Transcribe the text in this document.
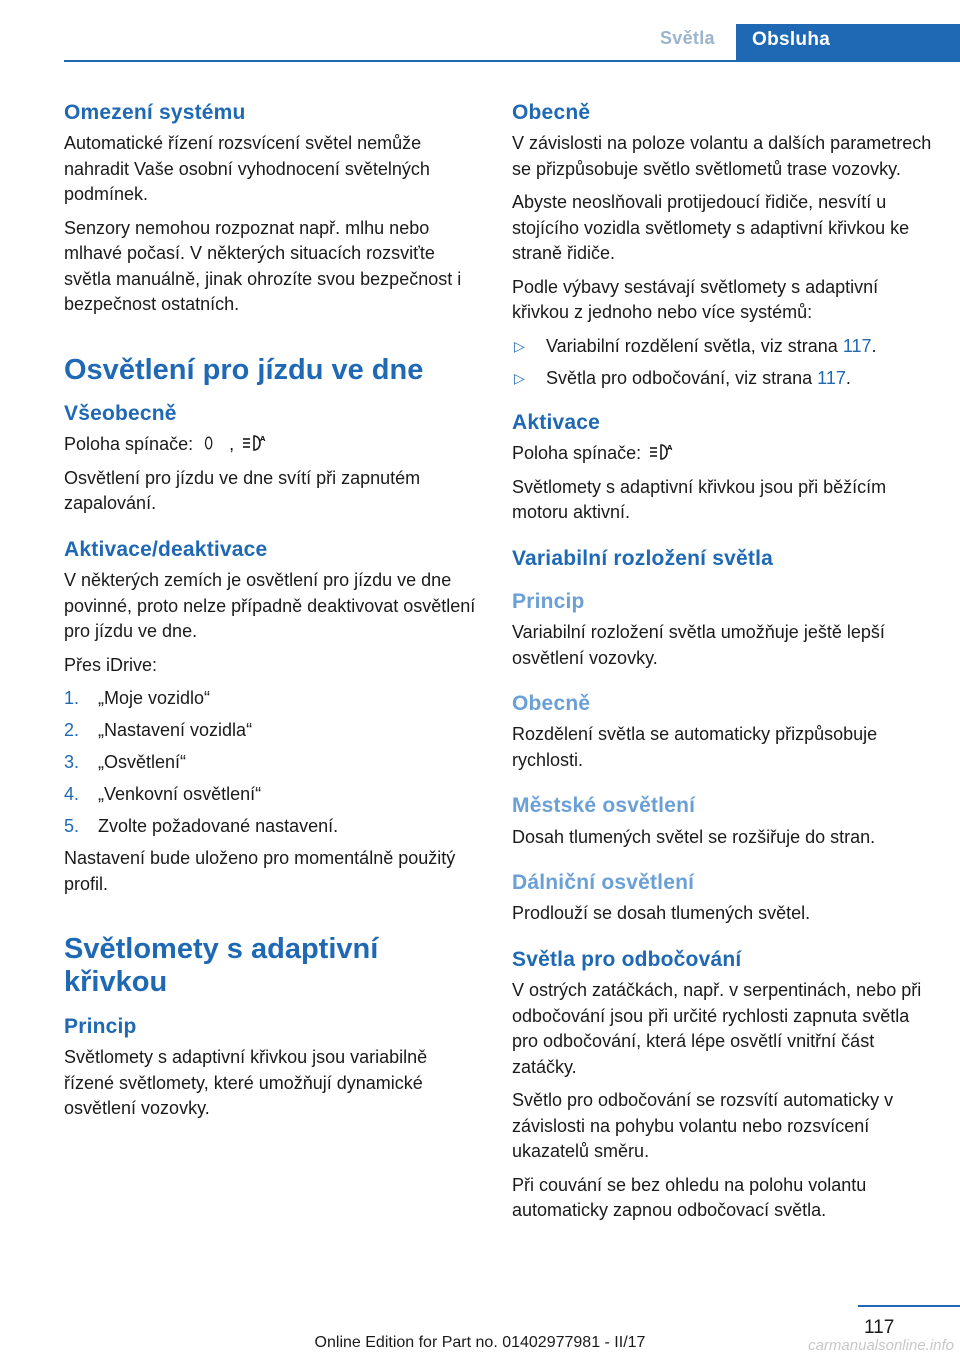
Světla Obsluha
Omezení systému

Automatické řízení rozsvícení světel nemůže nahradit Vaše osobní vyhodnocení světelných podmínek.

Senzory nemohou rozpoznat např. mlhu nebo mlhavé počasí. V některých situacích rozsviťte světla manuálně, jinak ohrozíte svou bezpečnost i bezpečnost ostatních.

Osvětlení pro jízdu ve dne
Všeobecně

Poloha spínače: ,	A

Osvětlení pro jízdu ve dne svítí při zapnutém zapalování.

Aktivace/deaktivace

V některých zemích je osvětlení pro jízdu ve dne povinné, proto nelze případně deaktivovat osvětlení pro jízdu ve dne.

Přes iDrive:

1. „Moje vozidlo“
2. „Nastavení vozidla“
3. „Osvětlení“
4. „Venkovní osvětlení“
5. Zvolte požadované nastavení.

Nastavení bude uloženo pro momentálně použitý profil.

Světlomety s adaptivní
křivkou
Princip

Světlomety s adaptivní křivkou jsou variabilně řízené světlomety, které umožňují dynamické osvětlení vozovky.

Obecně

V závislosti na poloze volantu a dalších parametrech se přizpůsobuje světlo světlometů trase vozovky.

Abyste neoslňovali protijedoucí řidiče, nesvítí u stojícího vozidla světlomety s adaptivní křivkou ke straně řidiče.

Podle výbavy sestávají světlomety s adaptivní křivkou z jednoho nebo více systémů:

▷ Variabilní rozdělení světla, viz strana 117.
▷ Světla pro odbočování, viz strana 117.
Aktivace

Poloha spínače:	A

Světlomety s adaptivní křivkou jsou při běžícím motoru aktivní.

Variabilní rozložení světla
Princip

Variabilní rozložení světla umožňuje ještě lepší osvětlení vozovky.

Obecně

Rozdělení světla se automaticky přizpůsobuje rychlosti.

Městské osvětlení

Dosah tlumených světel se rozšiřuje do stran.

Dálniční osvětlení

Prodlouží se dosah tlumených světel.

Světla pro odbočování

V ostrých zatáčkách, např. v serpentinách, nebo při odbočování jsou při určité rychlosti zapnuta světla pro odbočování, která lépe osvětlí vnitřní část zatáčky.

Světlo pro odbočování se rozsvítí automaticky v závislosti na pohybu volantu nebo rozsvícení ukazatelů směru.

Při couvání se bez ohledu na polohu volantu automaticky zapnou odbočovací světla.

117
Online Edition for Part no. 01402977981 - II/17	carmanualsonline.info
